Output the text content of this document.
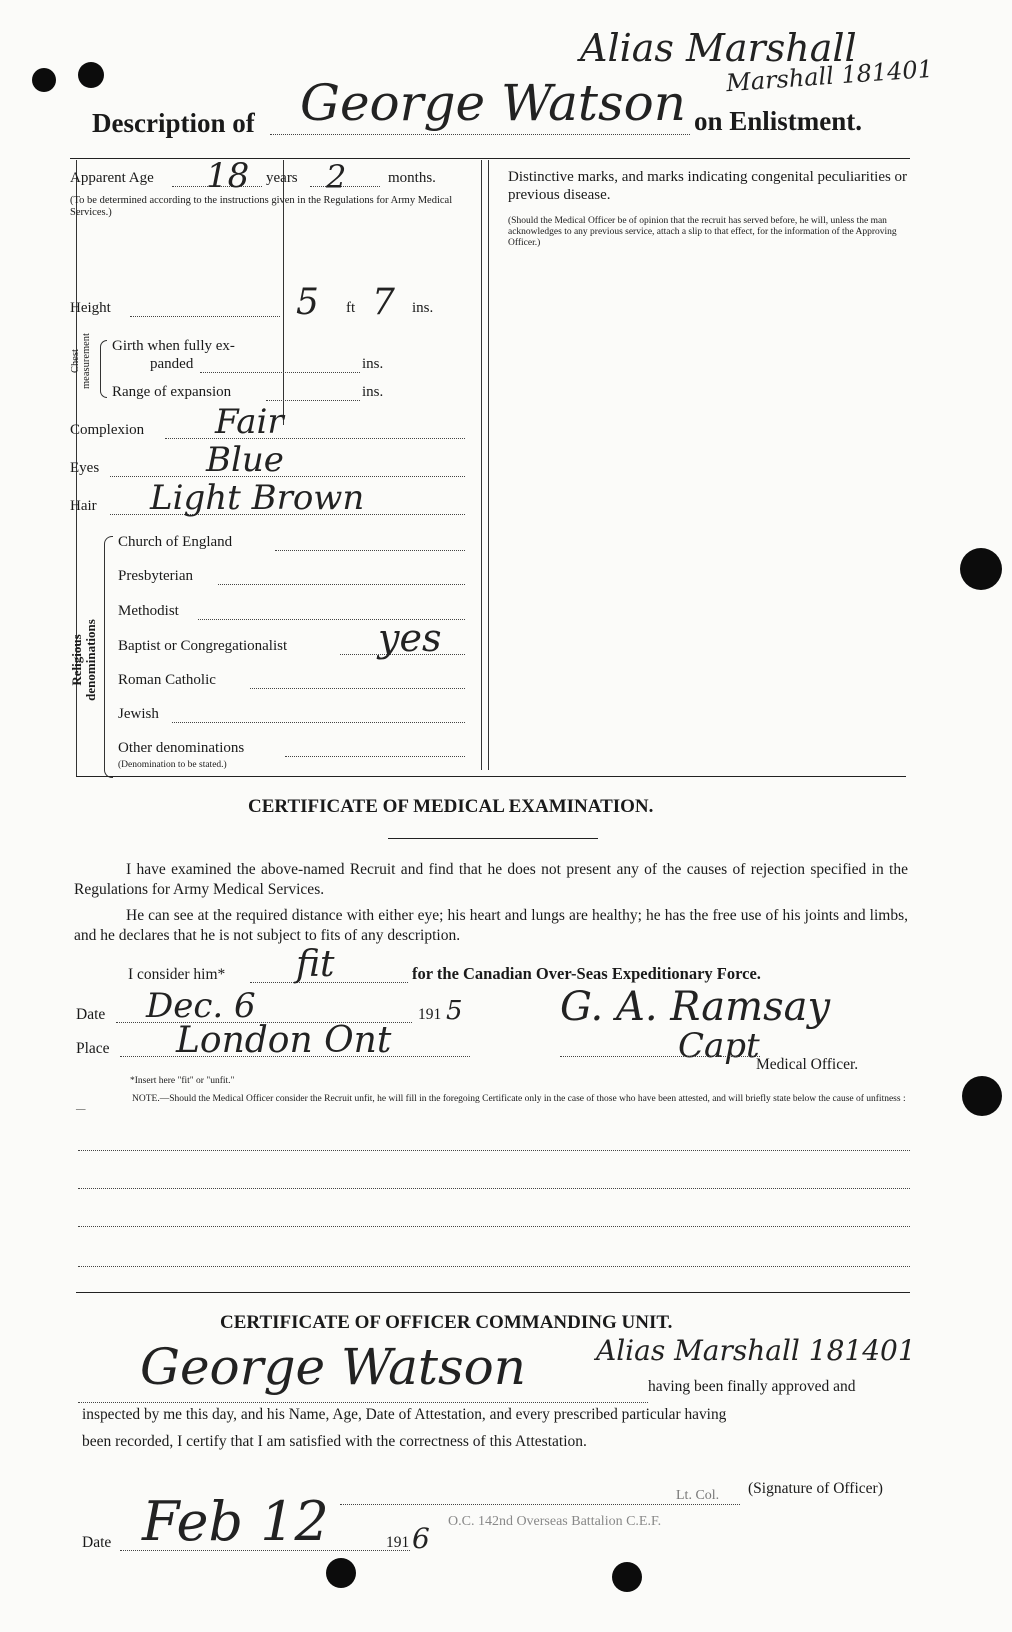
Alias Marshall
Marshall 181401
Description of George Watson on Enlistment.
Apparent Age 18 years 2	months.
(To be determined according to the instructions given in the Regulations for Army Medical Services.)
Height	5 ft 7 ins.
Chest measurement Girth when fully ex-
panded	ins.
Range of expansion	ins.
Complexion Fair
Eyes	Blue
Hair Light Brown
Religious
denominations
Church of England
Presbyterian
Methodist
Baptist or Congregationalist yes
Roman Catholic
Jewish
Other denominations
(Denomination to be stated.)
Distinctive marks, and marks indicating congenital peculiarities or previous disease.
(Should the Medical Officer be of opinion that the recruit has served before, he will, unless the man acknowledges to any previous service, attach a slip to that effect, for the information of the Approving Officer.)
CERTIFICATE OF MEDICAL EXAMINATION.
I have examined the above-named Recruit and find that he does not present any of the causes of rejection specified in the Regulations for Army Medical Services.
He can see at the required distance with either eye; his heart and lungs are healthy; he has the free use of his joints and limbs, and he declares that he is not subject to fits of any description.
I consider him* fit	for the Canadian Over-Seas Expeditionary Force.
Date Dec. 6	191 5 G. A. Ramsay
Place London Ont	Capt
Medical Officer.
*Insert here "fit" or "unfit."
NOTE.—Should the Medical Officer consider the Recruit unfit, he will fill in the foregoing Certificate only in the case of those who have been attested, and will briefly state below the cause of unfitness :—
CERTIFICATE OF OFFICER COMMANDING UNIT.
George Watson	Alias Marshall 181401
having been finally approved and
inspected by me this day, and his Name, Age, Date of Attestation, and every prescribed particular having
been recorded, I certify that I am satisfied with the correctness of this Attestation.
Lt. Col. (Signature of Officer)
Date Feb 12	191 6
O.C. 142nd Overseas Battalion C.E.F.
